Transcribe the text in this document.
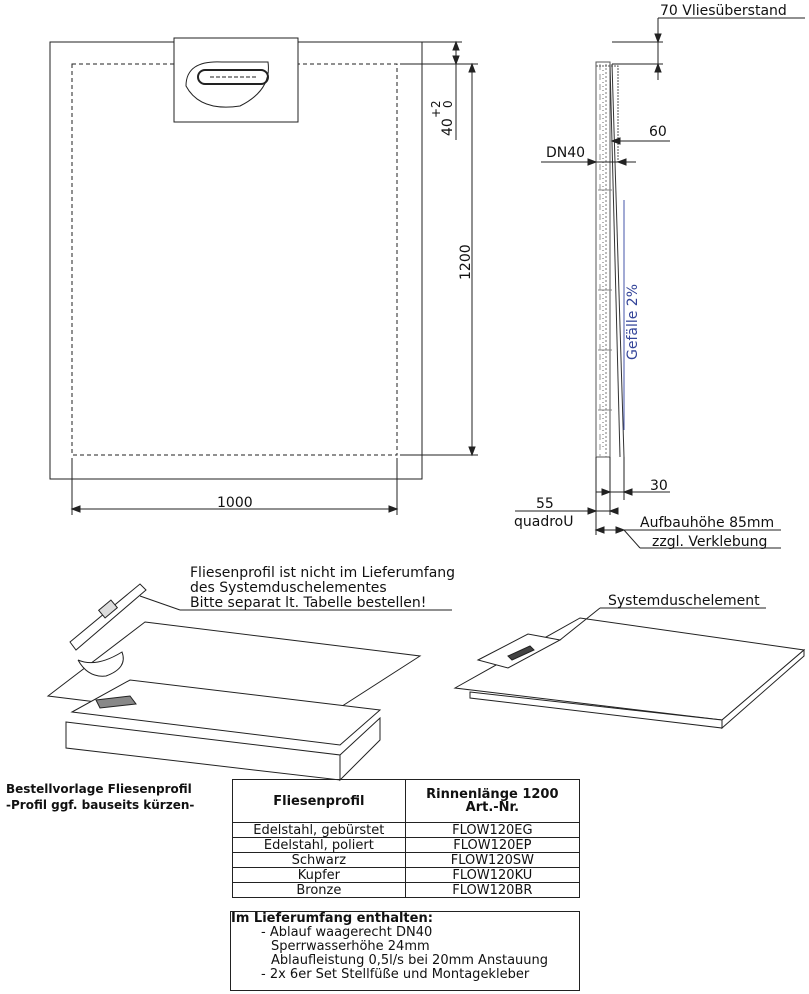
1000
1200
+2
40
0
70 Vliesüberstand
60
DN40
Gefälle 2%
30
55
quadroU	Aufbauhöhe 85mm
zzgl. Verklebung
Fliesenprofil ist nicht im Lieferumfang
des Systemduschelementes
Bitte separat lt. Tabelle bestellen!	Systemduschelement
Bestellvorlage Fliesenprofil
-Profil ggf. bauseits kürzen-	Fliesenprofil	Rinnenlänge 1200
Art.-Nr.
Edelstahl, gebürstet	FLOW120EG
Edelstahl, poliert	FLOW120EP
Schwarz	FLOW120SW
Kupfer	FLOW120KU
Bronze	FLOW120BR
Im Lieferumfang enthalten:
- Ablauf waagerecht DN40
Sperrwasserhöhe 24mm
Ablaufleistung 0,5l/s bei 20mm Anstauung
- 2x 6er Set Stellfüße und Montagekleber
